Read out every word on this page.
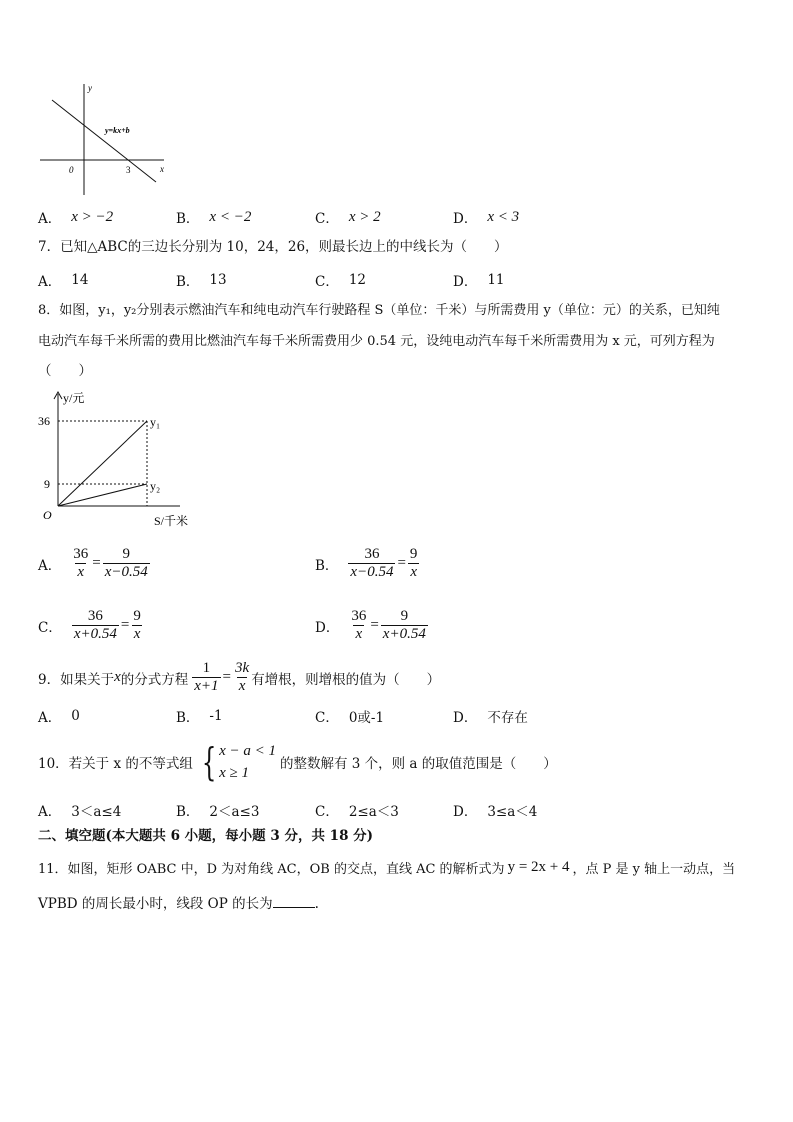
y
x
0	3
y=kx+b
A． x > −2	B． x < −2	C． x > 2	D． x < 3
7．已知△ABC的三边长分别为 10，24，26，则最长边上的中线长为（　　）
A． 14	B． 13	C． 12	D． 11
8．如图，y₁，y₂分别表示燃油汽车和纯电动汽车行驶路程 S（单位：千米）与所需费用 y（单位：元）的关系，已知纯
电动汽车每千米所需的费用比燃油汽车每千米所需费用少 0.54 元，设纯电动汽车每千米所需费用为 x 元，可列方程为
（　　）
y/元
S/千米
O
36
9
y₁
y₂
A． $\frac{36}{x} = \frac{9}{x-0.54}$	B． $\frac{36}{x-0.54} = \frac{9}{x}$
C． $\frac{36}{x+0.54} = \frac{9}{x}$	D． $\frac{36}{x} = \frac{9}{x+0.54}$
9．如果关于 x 的分式方程 $\frac{1}{x+1} = \frac{3k}{x}$ 有增根，则增根的值为（　　）
A． 0	B． -1	C． 0或-1	D． 不存在
10．若关于 x 的不等式组 { x − a < 1
x ≥ 1
的整数解有 3 个，则 a 的取值范围是（　　）
A． 3＜a≤4	B． 2＜a≤3	C． 2≤a＜3	D． 3≤a＜4
二、填空题(本大题共 6 小题，每小题 3 分，共 18 分)
11．如图，矩形 OABC 中，D 为对角线 AC，OB 的交点，直线 AC 的解析式为 y = 2x + 4 ，点 P 是 y 轴上一动点，当
VPBD 的周长最小时，线段 OP 的长为	.
